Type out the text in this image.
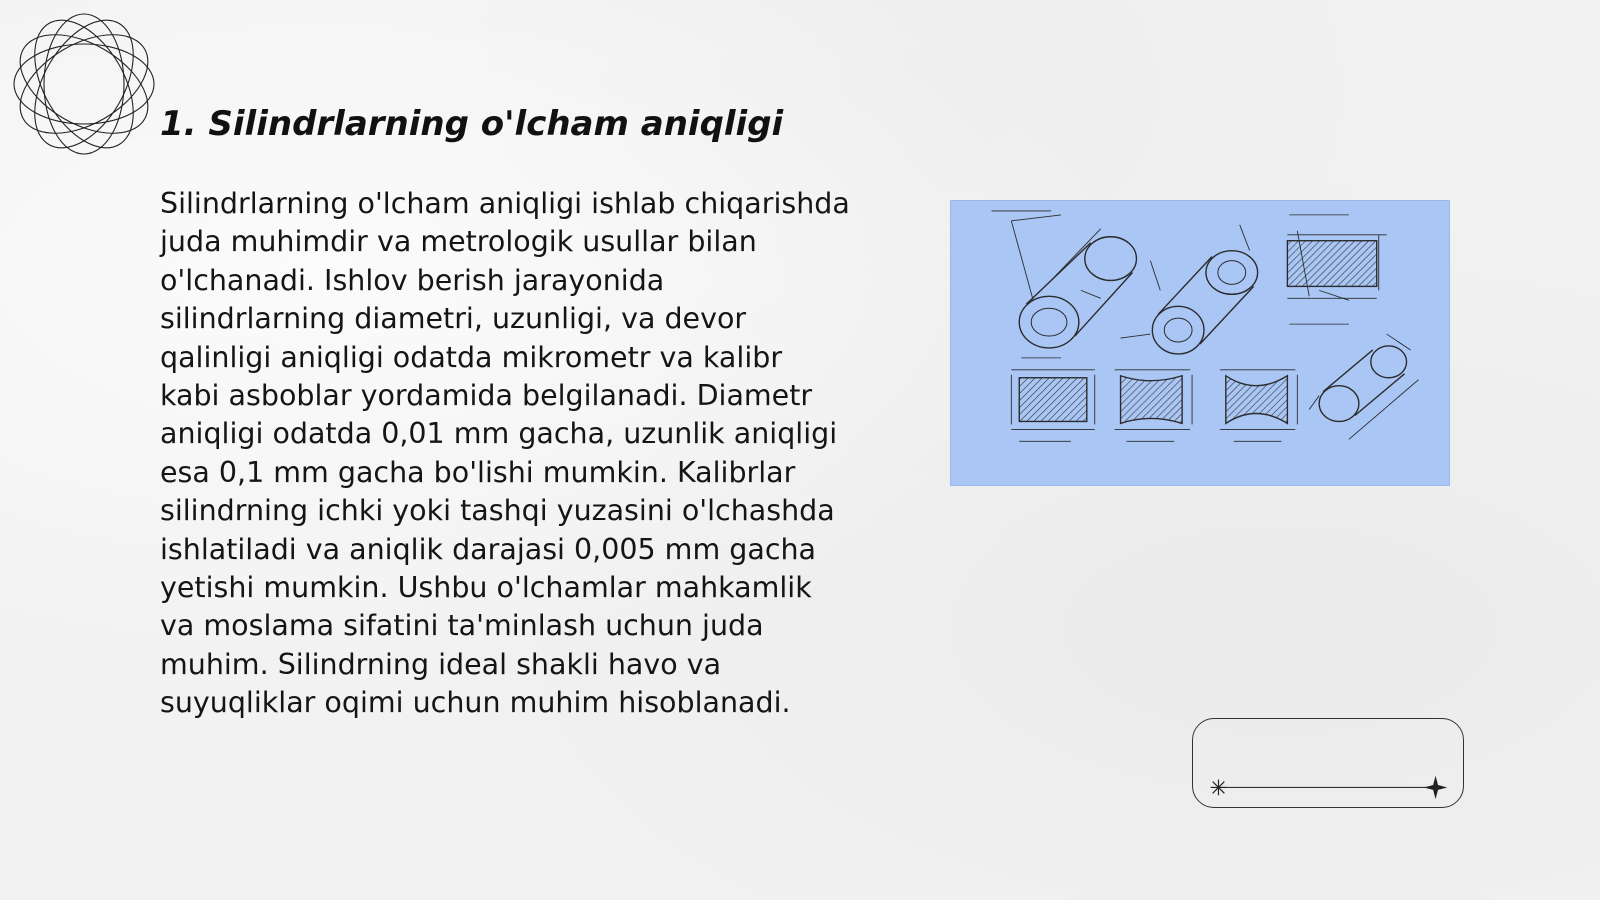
1. Silindrlarning o'lcham aniqligi

Silindrlarning o'lcham aniqligi ishlab chiqarishda juda muhimdir va metrologik usullar bilan o'lchanadi. Ishlov berish jarayonida silindrlarning diametri, uzunligi, va devor qalinligi aniqligi odatda mikrometr va kalibr kabi asboblar yordamida belgilanadi. Diametr aniqligi odatda 0,01 mm gacha, uzunlik aniqligi esa 0,1 mm gacha bo'lishi mumkin. Kalibrlar silindrning ichki yoki tashqi yuzasini o'lchashda ishlatiladi va aniqlik darajasi 0,005 mm gacha yetishi mumkin. Ushbu o'lchamlar mahkamlik va moslama sifatini ta'minlash uchun juda muhim. Silindrning ideal shakli havo va suyuqliklar oqimi uchun muhim hisoblanadi.
